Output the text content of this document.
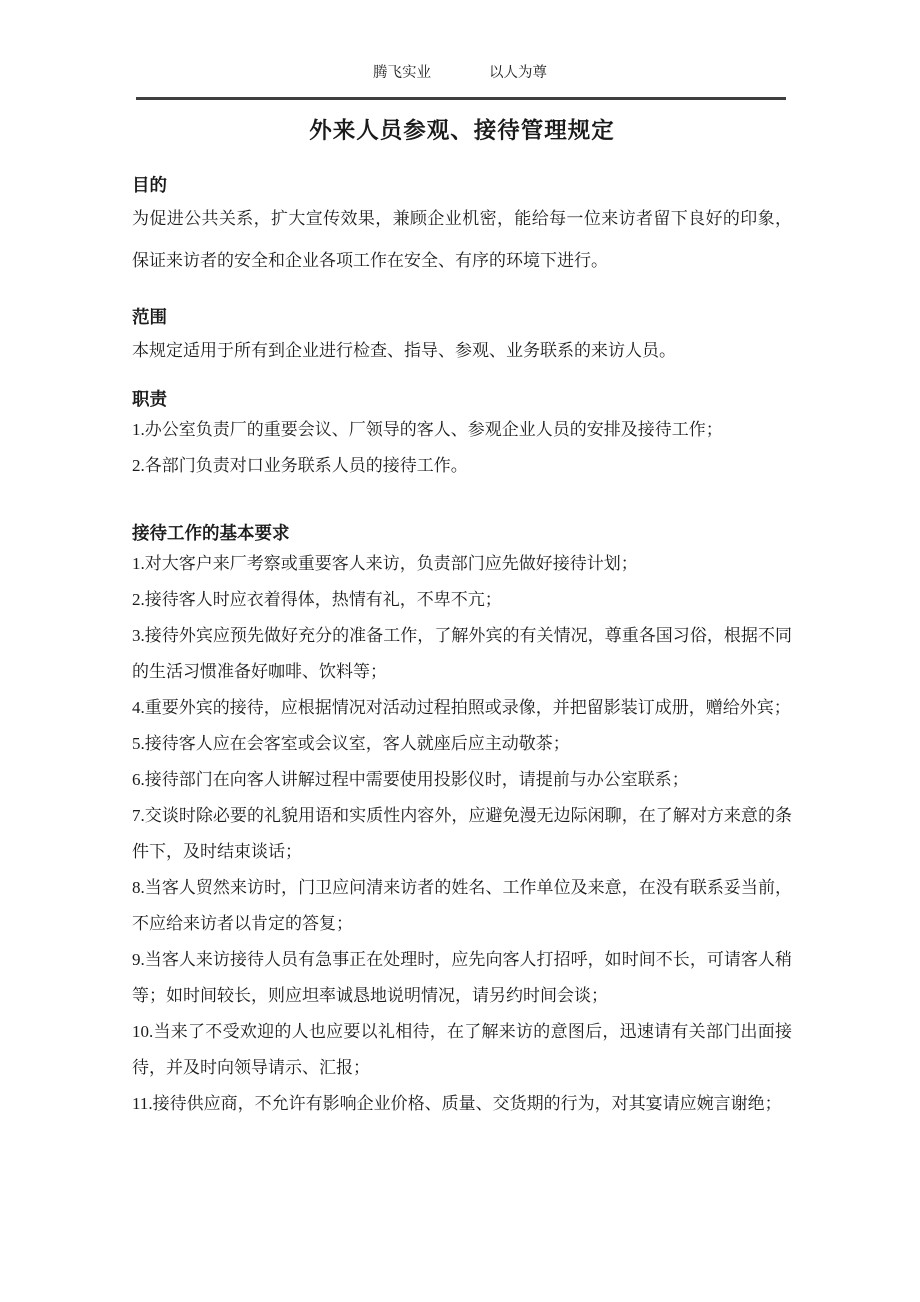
腾飞实业	以人为尊
外来人员参观、接待管理规定
目的

为促进公共关系，扩大宣传效果，兼顾企业机密，能给每一位来访者留下良好的印象，保证来访者的安全和企业各项工作在安全、有序的环境下进行。

范围

本规定适用于所有到企业进行检查、指导、参观、业务联系的来访人员。

职责

1.办公室负责厂的重要会议、厂领导的客人、参观企业人员的安排及接待工作；

2.各部门负责对口业务联系人员的接待工作。

接待工作的基本要求

1.对大客户来厂考察或重要客人来访，负责部门应先做好接待计划；

2.接待客人时应衣着得体，热情有礼，不卑不亢；

3.接待外宾应预先做好充分的准备工作，了解外宾的有关情况，尊重各国习俗，根据不同的生活习惯准备好咖啡、饮料等；

4.重要外宾的接待，应根据情况对活动过程拍照或录像，并把留影装订成册，赠给外宾；

5.接待客人应在会客室或会议室，客人就座后应主动敬茶；

6.接待部门在向客人讲解过程中需要使用投影仪时，请提前与办公室联系；

7.交谈时除必要的礼貌用语和实质性内容外，应避免漫无边际闲聊，在了解对方来意的条件下，及时结束谈话；

8.当客人贸然来访时，门卫应问清来访者的姓名、工作单位及来意，在没有联系妥当前，不应给来访者以肯定的答复；

9.当客人来访接待人员有急事正在处理时，应先向客人打招呼，如时间不长，可请客人稍等；如时间较长，则应坦率诚恳地说明情况，请另约时间会谈；

10.当来了不受欢迎的人也应要以礼相待，在了解来访的意图后，迅速请有关部门出面接待，并及时向领导请示、汇报；

11.接待供应商，不允许有影响企业价格、质量、交货期的行为，对其宴请应婉言谢绝；
